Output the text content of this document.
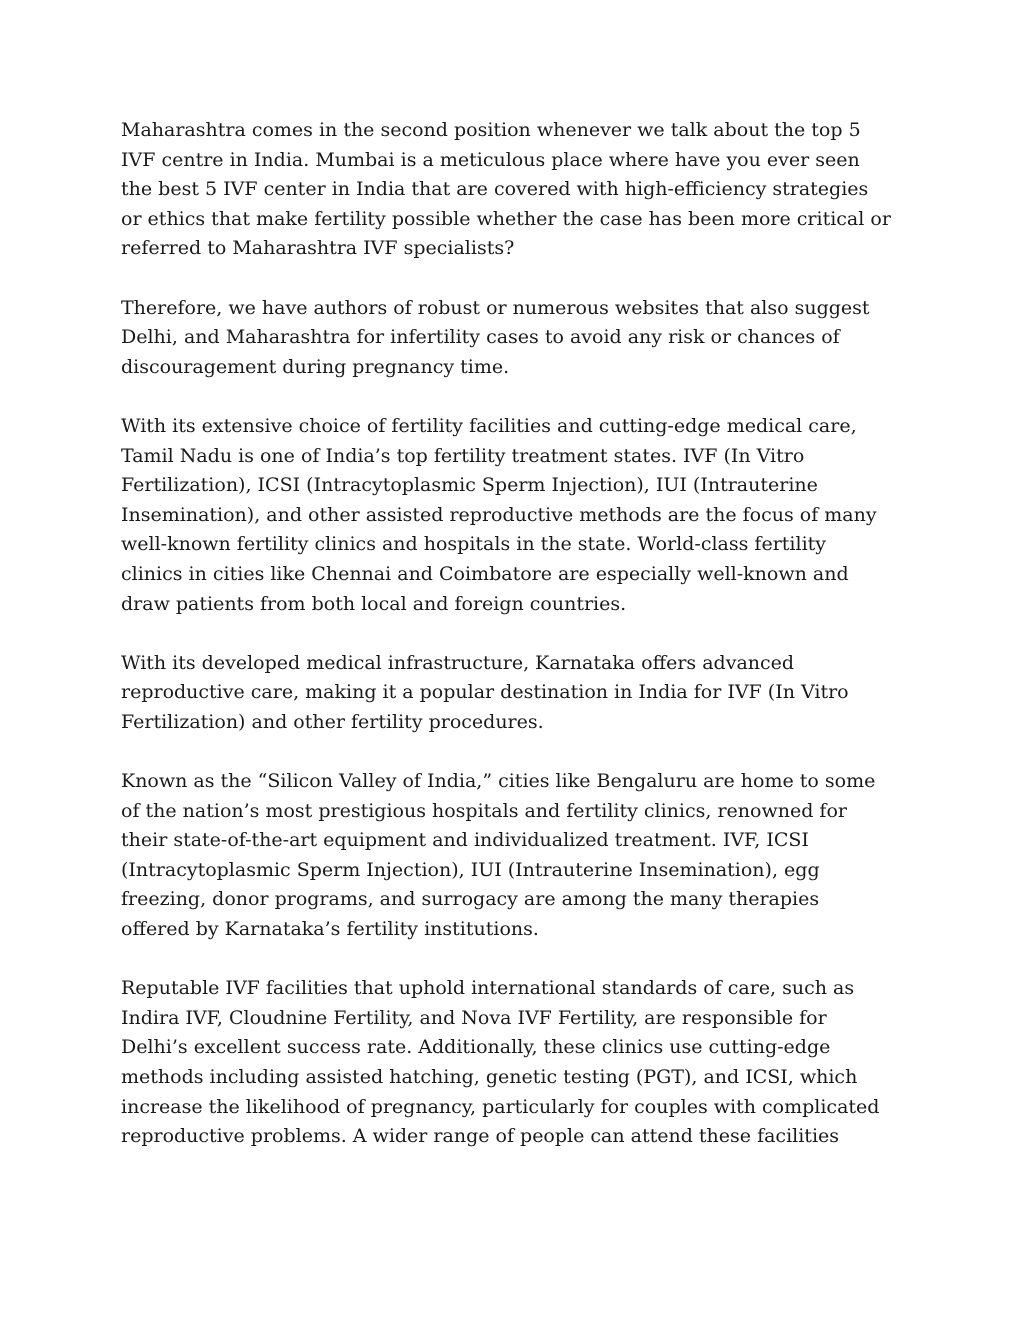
Maharashtra comes in the second position whenever we talk about the top 5
IVF centre in India. Mumbai is a meticulous place where have you ever seen
the best 5 IVF center in India that are covered with high-efficiency strategies
or ethics that make fertility possible whether the case has been more critical or
referred to Maharashtra IVF specialists?

Therefore, we have authors of robust or numerous websites that also suggest
Delhi, and Maharashtra for infertility cases to avoid any risk or chances of
discouragement during pregnancy time.

With its extensive choice of fertility facilities and cutting-edge medical care,
Tamil Nadu is one of India’s top fertility treatment states. IVF (In Vitro
Fertilization), ICSI (Intracytoplasmic Sperm Injection), IUI (Intrauterine
Insemination), and other assisted reproductive methods are the focus of many
well-known fertility clinics and hospitals in the state. World-class fertility
clinics in cities like Chennai and Coimbatore are especially well-known and
draw patients from both local and foreign countries.

With its developed medical infrastructure, Karnataka offers advanced
reproductive care, making it a popular destination in India for IVF (In Vitro
Fertilization) and other fertility procedures.

Known as the “Silicon Valley of India,” cities like Bengaluru are home to some
of the nation’s most prestigious hospitals and fertility clinics, renowned for
their state-of-the-art equipment and individualized treatment. IVF, ICSI
(Intracytoplasmic Sperm Injection), IUI (Intrauterine Insemination), egg
freezing, donor programs, and surrogacy are among the many therapies
offered by Karnataka’s fertility institutions.

Reputable IVF facilities that uphold international standards of care, such as
Indira IVF, Cloudnine Fertility, and Nova IVF Fertility, are responsible for
Delhi’s excellent success rate. Additionally, these clinics use cutting-edge
methods including assisted hatching, genetic testing (PGT), and ICSI, which
increase the likelihood of pregnancy, particularly for couples with complicated
reproductive problems. A wider range of people can attend these facilities
